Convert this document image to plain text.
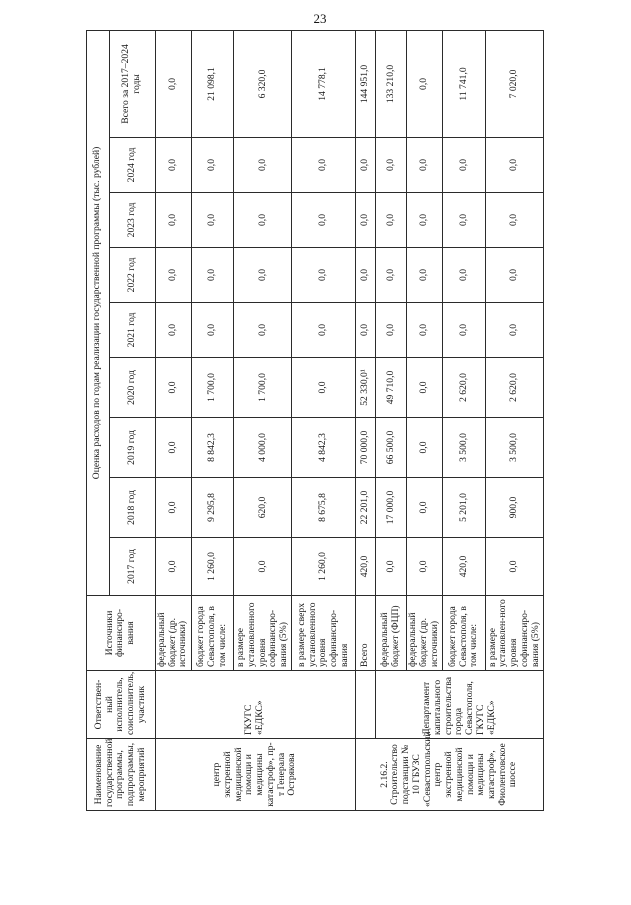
23
Наименование государственной программы, подпрограммы, мероприятий	Ответствен-ный исполнитель, соисполнитель, участник	Источники финансиро-вания	Оценка расходов по годам реализации государственной программы (тыс. рублей)								
			2017 год	2018 год	2019 год	2020 год	2021 год	2022 год	2023 год	2024 год	Всего за 2017–2024 годы
центр экстренной медицинской помощи и медицины катастроф», пр-т Генерала Острякова	ГКУГС «ЕДКС»	федеральный бюджет (др. источники)	0,0	0,0	0,0	0,0	0,0	0,0	0,0	0,0	0,0
		бюджет города Севастополя, в том числе:	1 260,0	9 295,8	8 842,3	1 700,0	0,0	0,0	0,0	0,0	21 098,1
		в размере установленного уровня софинансиро-вания (5%)	0,0	620,0	4 000,0	1 700,0	0,0	0,0	0,0	0,0	6 320,0
		в размере сверх установленного уровня софинансиро-вания	1 260,0	8 675,8	4 842,3	0,0	0,0	0,0	0,0	0,0	14 778,1
2.16.2. Строительство подстанции № 10 ГБУЗС «Севастопольский центр экстренной медицинской помощи и медицины катастроф», Фиолентовское шоссе		Всего	420,0	22 201,0	70 000,0	52 330,0¹	0,0	0,0	0,0	0,0	144 951,0
	Департамент капитального строительства города Севастополя, ГКУГС «ЕДКС»	федеральный бюджет (ФЦП)	0,0	17 000,0	66 500,0	49 710,0	0,0	0,0	0,0	0,0	133 210,0
		федеральный бюджет (др. источники)	0,0	0,0	0,0	0,0	0,0	0,0	0,0	0,0	0,0
		бюджет города Севастополя, в том числе:	420,0	5 201,0	3 500,0	2 620,0	0,0	0,0	0,0	0,0	11 741,0
		в размере установлен-ного уровня софинансиро-вания (5%)	0,0	900,0	3 500,0	2 620,0	0,0	0,0	0,0	0,0	7 020,0
